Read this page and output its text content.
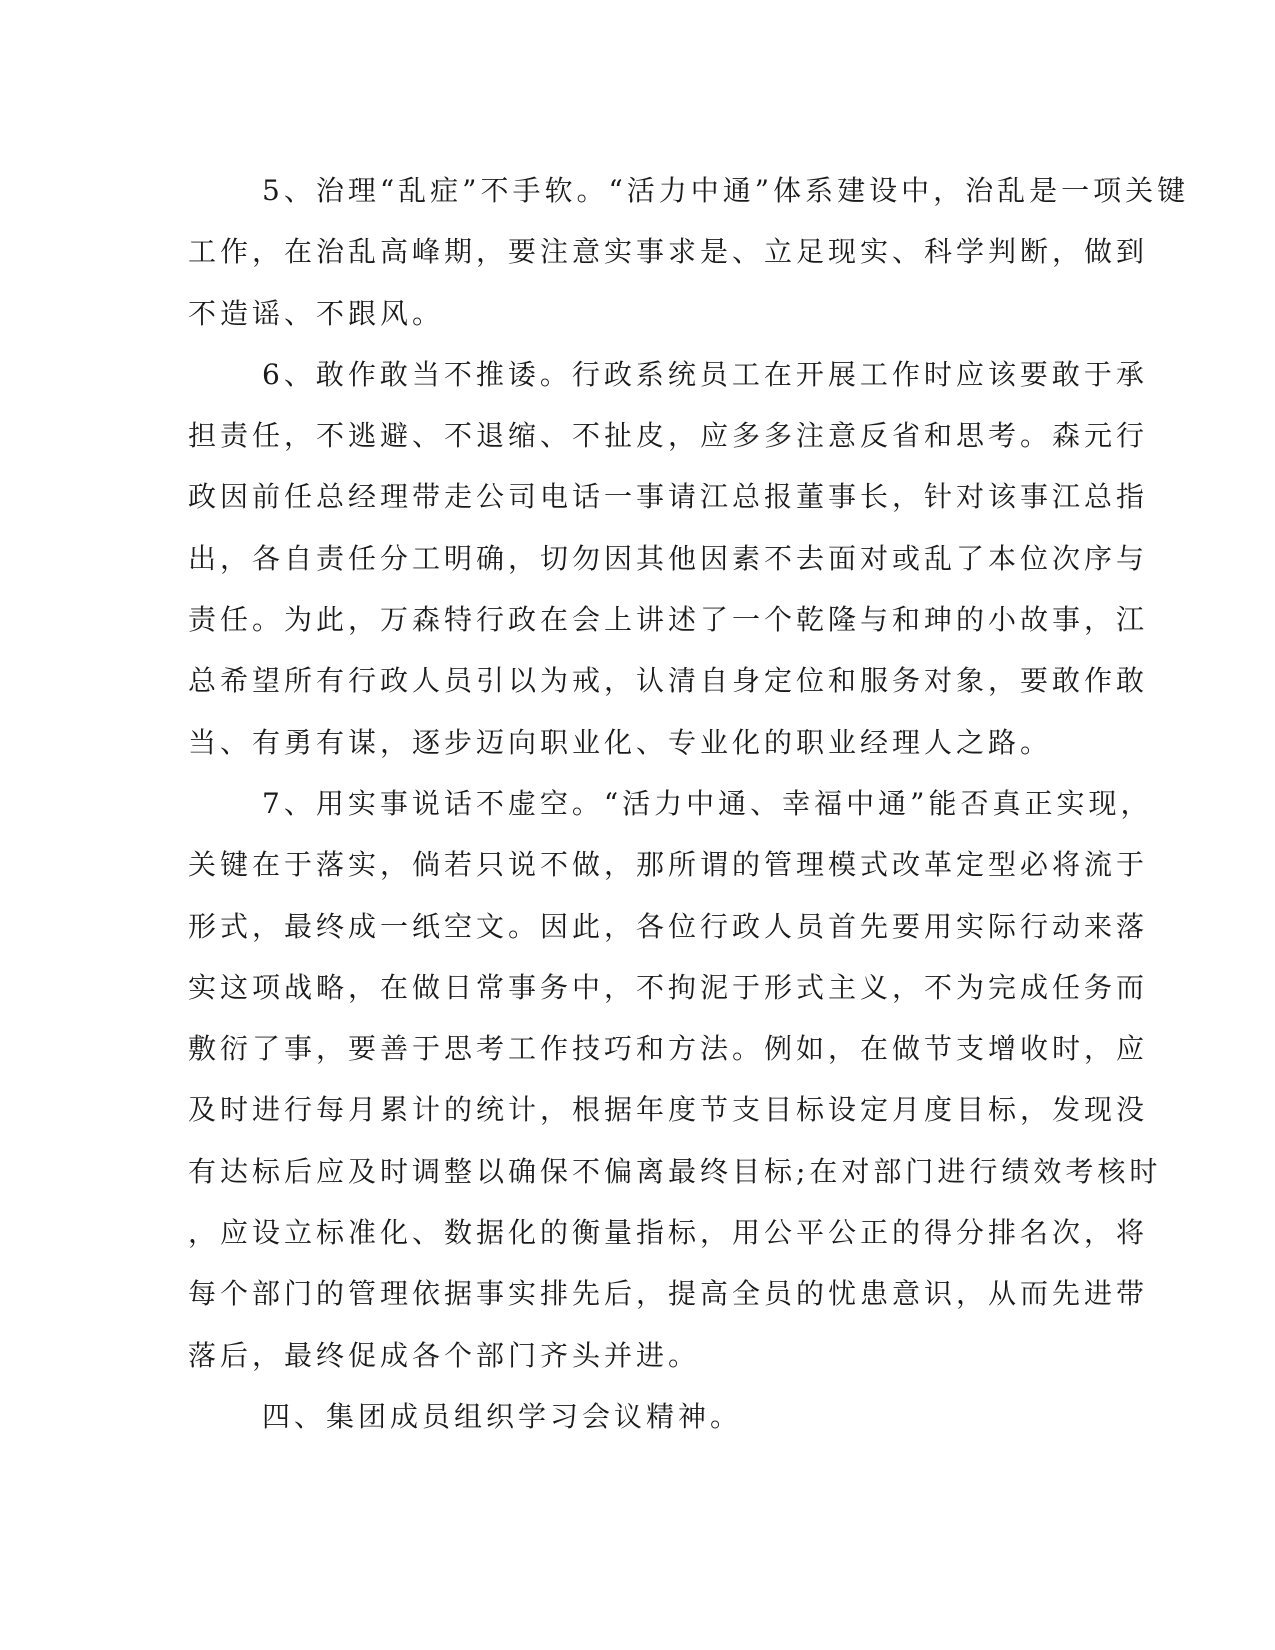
5、治理“乱症”不手软。“活力中通”体系建设中，治乱是一项关键
工作，在治乱高峰期，要注意实事求是、立足现实、科学判断，做到
不造谣、不跟风。

6、敢作敢当不推诿。行政系统员工在开展工作时应该要敢于承
担责任，不逃避、不退缩、不扯皮，应多多注意反省和思考。森元行
政因前任总经理带走公司电话一事请江总报董事长，针对该事江总指
出，各自责任分工明确，切勿因其他因素不去面对或乱了本位次序与
责任。为此，万森特行政在会上讲述了一个乾隆与和珅的小故事，江
总希望所有行政人员引以为戒，认清自身定位和服务对象，要敢作敢
当、有勇有谋，逐步迈向职业化、专业化的职业经理人之路。

7、用实事说话不虚空。“活力中通、幸福中通”能否真正实现，
关键在于落实，倘若只说不做，那所谓的管理模式改革定型必将流于
形式，最终成一纸空文。因此，各位行政人员首先要用实际行动来落
实这项战略，在做日常事务中，不拘泥于形式主义，不为完成任务而
敷衍了事，要善于思考工作技巧和方法。例如，在做节支增收时，应
及时进行每月累计的统计，根据年度节支目标设定月度目标，发现没
有达标后应及时调整以确保不偏离最终目标;在对部门进行绩效考核时
，应设立标准化、数据化的衡量指标，用公平公正的得分排名次，将
每个部门的管理依据事实排先后，提高全员的忧患意识，从而先进带
落后，最终促成各个部门齐头并进。

四、集团成员组织学习会议精神。
